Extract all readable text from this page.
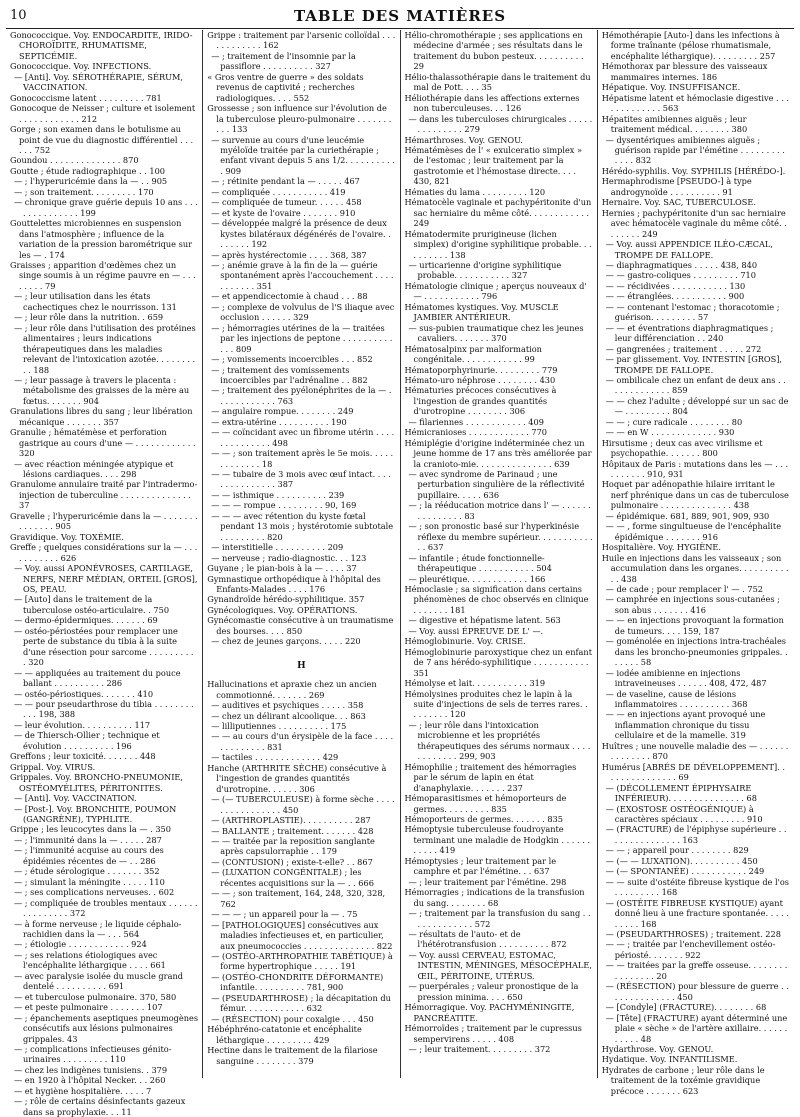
10	TABLE DES MATIÈRES

Gonococcique. Voy. ENDOCARDITE, IRIDO-CHOROÏDITE, RHUMATISME, SEPTICÉMIE.

Gonococcique. Voy. INFECTIONS.

— [Anti]. Voy. SÉROTHÉRAPIE, SÉRUM, VACCINATION.

Gonococcisme latent . . . . . . . . . 781

Gonocoque de Neisser ; culture et isolement . . . . . . . . . . . . 212

Gorge ; son examen dans le botulisme au point de vue du diagnostic différentiel . . . . . . 752

Goundou . . . . . . . . . . . . . . 870

Goutte ; étude radiographique . . 100

— ; l'hyperuricémie dans la — . . 905

— ; son traitement. . . . . . . . . 170

— chronique grave guérie depuis 10 ans . . . . . . . . . . . . . . 199

Gouttelettes microbiennes en suspension dans l'atmosphère ; influence de la variation de la pression barométrique sur les — . 174

Graisses ; apparition d'œdèmes chez un singe soumis à un régime pauvre en — . . . . . . . . 79

— ; leur utilisation dans les états cachectiques chez le nourrisson. 131

— ; leur rôle dans la nutrition. . 659

— ; leur rôle dans l'utilisation des protéines alimentaires ; leurs indications thérapeutiques dans les maladies relevant de l'intoxication azotée. . . . . . . . . . 188

— ; leur passage à travers le placenta : métabolisme des graisses de la mère au fœtus. . . . . . . 904

Granulations libres du sang ; leur libération mécanique . . . . . . . 357

Granulie ; hématémèse et perforation gastrique au cours d'une — . . . . . . . . . . . . 320

— avec réaction méningée atypique et lésions cardiaques. . . . 298

Granulome annulaire traité par l'intradermo-injection de tuberculine . . . . . . . . . . . . . . 37

Gravelle ; l'hyperuricémie dans la — . . . . . . . . . . . . . . 905

Gravidique. Voy. TOXÉMIE.

Greffe ; quelques considérations sur la — . . . . . . . . . . . 626

— Voy. aussi APONÉVROSES, CARTILAGE, NERFS, NERF MÉDIAN, ORTEIL [GROS], OS, PEAU.

— [Auto] dans le traitement de la tuberculose ostéo-articulaire. . 750

— dermo-épidermiques. . . . . . . 69

— ostéo-périostées pour remplacer une perte de substance du tibia à la suite d'une résection pour sarcome . . . . . . . . . . 320

— — appliquées au traitement du pouce ballant . . . . . . . . . . 286

— ostéo-périostiques. . . . . . . 410

— — pour pseudarthrose du tibia . . . . . . . . . . . 198, 388

— leur évolution. . . . . . . . . . 117

— de Thiersch-Ollier ; technique et évolution . . . . . . . . . . 196

Greffons ; leur toxicité. . . . . . . 448

Grippal. Voy. VIRUS.

Grippales. Voy. BRONCHO-PNEUMONIE, OSTÉOMYÉLITES, PÉRITONITES.

— [Anti]. Voy. VACCINATION.

— [Post-]. Voy. BRONCHITE, POUMON (GANGRÈNE), TYPHLITE.

Grippe ; les leucocytes dans la — . 350

— ; l'immunité dans la — . . . . . 287

— ; l'immunité acquise au cours des épidémies récentes de — . . 286

— ; étude sérologique . . . . . . . 352

— ; simulant la méningite . . . . . 110

— ; ses complications nerveuses. . 602

— ; compliquée de troubles mentaux . . . . . . . . . . . . . . . 372

— à forme nerveuse ; le liquide céphalo-rachidien dans la — . . . 564

— ; étiologie . . . . . . . . . . . . 924

— ; ses relations étiologiques avec l'encéphalite léthargique . . . . 661

— avec paralysie isolée du muscle grand dentelé . . . . . . . . . . 691

— et tuberculose pulmonaire. 370, 580

— et peste pulmonaire . . . . . . . 107

— ; épanchements aseptiques pneumogènes consécutifs aux lésions pulmonaires grippales. 43

— ; complications infectieuses génito-urinaires . . . . . . . . . 110

— chez les indigènes tunisiens. . 379

— en 1920 à l'hôpital Necker. . . 260

— et hygiène hospitalière. . . . . 7

— ; rôle de certains désinfectants gazeux dans sa prophylaxie. . . 11

Grippe : traitement par l'arsenic colloïdal . . . . . . . . . . . . 162

— ; traitement de l'insomnie par la passiflore . . . . . . . . . . 327

« Gros ventre de guerre » des soldats revenus de captivité ; recherches radiologiques. . . . 552

Grossesse ; son influence sur l'évolution de la tuberculose pleuro-pulmonaire . . . . . . . . . . 133

— survenue au cours d'une leucémie myéloïde traitée par la curiethérapie ; enfant vivant depuis 5 ans 1/2. . . . . . . . . . . 909

— ; rétinite pendant la — . . . . . 467

— compliquée . . . . . . . . . . . 419

— compliquée de tumeur. . . . . . 458

— et kyste de l'ovaire . . . . . . . 910

— développée malgré la présence de deux kystes bilatéraux dégénérés de l'ovaire. . . . . . . . 192

— après hystérectomie . . . . 368, 387

— ; anémie grave à la fin de la — guérie spontanément après l'accouchement . . . . . . . . . . . 351

— et appendicectomie à chaud . . . 88

— ; complexe de volvulus de l'S iliaque avec occlusion . . . . . . 329

— ; hémorragies utérines de la — traitées par les injections de peptone . . . . . . . . . . . . . 809

— ; vomissements incoercibles . . . 852

— ; traitement des vomissements incoercibles par l'adrénaline . . 882

— ; traitement des pyélonéphrites de la — . . . . . . . . . . . . 763

— angulaire rompue. . . . . . . . 249

— extra-utérine . . . . . . . . . . 190

— — coïncidant avec un fibrome utérin . . . . . . . . . . . . . . 498

— — ; son traitement après le 5e mois. . . . . . . . . . . . . 18

— — tubaire de 3 mois avec œuf intact. . . . . . . . . . . . . . . 387

— — isthmique . . . . . . . . . . 239

— — — rompue . . . . . . . . . 90, 169

— — — avec rétention du kyste fœtal pendant 13 mois ; hystérotomie subtotale . . . . . . . . . 820

— interstitielle . . . . . . . . . . 209

— nerveuse ; radio-diagnostic. . . 123

Guyane ; le pian-bois à la — . . . . 37

Gymnastique orthopédique à l'hôpital des Enfants-Malades . . . . 176

Gynandroïde hérédo-syphilitique. 357

Gynécologiques. Voy. OPÉRATIONS.

Gynécomastie consécutive à un traumatisme des bourses. . . . 850

— chez de jeunes garçons. . . . . 220

H

Hallucinations et apraxie chez un ancien commotionné. . . . . . . 269

— auditives et psychiques . . . . . 358

— chez un délirant alcoolique. . . 863

— lilliputiennes . . . . . . . . . . 175

— — au cours d'un érysipèle de la face . . . . . . . . . . . . . 831

— tactiles . . . . . . . . . . . . . 429

Hanche (ARTHRITE SÈCHE) consécutive à l'ingestion de grandes quantités d'urotropine. . . . . . 306

— (— TUBERCULEUSE) à forme sèche . . . . . . . . . . . . . . . . 450

— (ARTHROPLASTIE). . . . . . . . . . 287

— BALLANTE ; traitement. . . . . . . 428

— — traitée par la reposition sanglante après capsulorraphie . . 179

— (CONTUSION) ; existe-t-elle? . . 867

— (LUXATION CONGÉNITALE) ; les récentes acquisitions sur la — . . 666

— — ; son traitement, 164, 248, 320, 328, 762

— — — ; un appareil pour la — . 75

— [PATHOLOGIQUES] consécutives aux maladies infectieuses et, en particulier, aux pneumococcies . . . . . . . . . . . . . . 822

— (OSTÉO-ARTHROPATHIE TABÉTIQUE) à forme hypertrophique . . . . . 191

— (OSTÉO-CHONDRITE DÉFORMANTE) infantile. . . . . . . . . . 781, 900

— (PSEUDARTHROSE) ; la décapitation du fémur. . . . . . . . . . . . 632

— (RÉSECTION) pour coxalgie . . . 450

Hébéphréno-catatonie et encéphalite léthargique . . . . . . . . . 429

Hectine dans le traitement de la filariose sanguine . . . . . . . . 379

Hélio-chromothérapie ; ses applications en médecine d'armée ; ses résultats dans le traitement du bubon pesteux. . . . . . . . . . 29

Hélio-thalassothérapie dans le traitement du mal de Pott. . . . 35

Héliothérapie dans les affections externes non tuberculeuses. . . 126

— dans les tuberculoses chirurgicales . . . . . . . . . . . . . . 279

Hémarthroses. Voy. GENOU.

Hématémèses de l' « exulceratio simplex » de l'estomac ; leur traitement par la gastrotomie et l'hémostase directe. . . . 430, 821

Hématies du lama . . . . . . . . . 120

Hématocèle vaginale et pachypéritonite d'un sac herniaire du même côté. . . . . . . . . . . . 249

Hématodermite prurigineuse (lichen simplex) d'origine syphilitique probable. . . . . . . . . . 138

— urticarienne d'origine syphilitique probable. . . . . . . . . . . 327

Hématologie clinique ; aperçus nouveaux d' — . . . . . . . . . . . 796

Hématomes kystiques. Voy. MUSCLE JAMBIER ANTÉRIEUR.

— sus-pubien traumatique chez les jeunes cavaliers. . . . . . . 370

Hématosalpinx par malformation congénitale. . . . . . . . . . . . 99

Hématoporphyrinurie. . . . . . . . . 779

Hémato-uro néphrose . . . . . . . . 430

Hématuries précoces consécutives à l'ingestion de grandes quantités d'urotropine . . . . . . . . 306

— filariennes . . . . . . . . . . . . 409

Hémicranioses . . . . . . . . . . . . 770

Hémiplégie d'origine indéterminée chez un jeune homme de 17 ans très améliorée par la cranioto-mie. . . . . . . . . . . . . . . 639

— avec syndrome de Parinaud ; une perturbation singulière de la réflectivité pupillaire. . . . . 636

— ; la rééducation motrice dans l' — . . . . . . . . . . . . . . . 83

— ; son pronostic basé sur l'hyperkinésie réflexe du membre supérieur. . . . . . . . . . . . . 637

— infantile ; étude fonctionnelle-thérapeutique . . . . . . . . . . . 504

— pleurétique. . . . . . . . . . . . 166

Hémoclasie ; sa signification dans certains phénomènes de choc observés en clinique . . . . . . . 181

— digestive et hépatisme latent. 563

— Voy. aussi ÉPREUVE DE L' —.

Hémoglobinurie. Voy. CRISE.

Hémoglobinurie paroxystique chez un enfant de 7 ans hérédo-syphilitique . . . . . . . . . . . 351

Hémolyse et lait. . . . . . . . . . . 319

Hémolysines produites chez le lapin à la suite d'injections de sels de terres rares. . . . . . . . . 120

— ; leur rôle dans l'intoxication microbienne et les propriétés thérapeutiques des sérums normaux . . . . . . . . . . . . 299, 903

Hémophilie ; traitement des hémorragies par le sérum de lapin en état d'anaphylaxie. . . . . . . 237

Hémoparasitismes et hémoporteurs de germes. . . . . . . . . 835

Hémoporteurs de germes. . . . . . . 835

Hémoptysie tuberculeuse foudroyante terminant une maladie de Hodgkin . . . . . . . . . . . 419

Hémoptysies ; leur traitement par le camphre et par l'émétine. . . 637

— ; leur traitement par l'émétine. 298

Hémorragies ; indications de la transfusion du sang. . . . . . . . 68

— ; traitement par la transfusion du sang . . . . . . . . . . . . . 572

— résultats de l'auto- et de l'hétérotransfusion . . . . . . . . . . 872

— Voy. aussi CERVEAU, ESTOMAC, INTESTIN, MÉNINGES, MÉSOCÉPHALE, ŒIL, PÉRITOINE, UTÉRUS.

— puerpérales ; valeur pronostique de la pression minima. . . . 650

Hémorragique. Voy. PACHYMÉNINGITE, PANCRÉATITE.

Hémorroïdes ; traitement par le cupressus sempervirens . . . . . 408

— ; leur traitement. . . . . . . . . 372

Hémothérapie [Auto-] dans les infections à forme traînante (pélose rhumatismale, encéphalite léthargique). . . . . . . . . 257

Hémothorax par blessure des vaisseaux mammaires internes. 186

Hépatique. Voy. INSUFFISANCE.

Hépatisme latent et hémoclasie digestive . . . . . . . . . . . . . 563

Hépatites amibiennes aiguës ; leur traitement médical. . . . . . . . 380

— dysentériques amibiennes aiguës ; guérison rapide par l'émétine . . . . . . . . . . . . . 832

Hérédo-syphilis. Voy. SYPHILIS [HÉRÉDO-].

Hermaphrodisme [PSEUDO-] à type androgynoïde . . . . . . . . . . 91

Hernaire. Voy. SAC, TUBERCULOSE.

Hernies ; pachypéritonite d'un sac herniaire avec hématocèle vaginale du même côté. . . . . . . . 249

— Voy. aussi APPENDICE ILÉO-CÆCAL, TROMPE DE FALLOPE.

— diaphragmatiques . . . . . 438, 840

— — gastro-coliques . . . . . . . . . 710

— — récidivées . . . . . . . . . . . 130

— — étranglées. . . . . . . . . . . 900

— — contenant l'estomac ; thoracotomie ; guérison. . . . . . . . . 57

— — et éventrations diaphragmatiques ; leur différenciation . . 240

— gangrenées ; traitement . . . . . 272

— par glissement. Voy. INTESTIN [GROS], TROMPE DE FALLOPE.

— ombilicale chez un enfant de deux ans . . . . . . . . . . . . . 859

— — chez l'adulte ; développé sur un sac de — . . . . . . . . . 804

— — ; cure radicale . . . . . . . . 80

— — en W . . . . . . . . . . . . . 930

Hirsutisme ; deux cas avec virilisme et psychopathie. . . . . . . 800

Hôpitaux de Paris : mutations dans les — . . . . . . . . . . 910, 931

Hoquet par adénopathie hilaire irritant le nerf phrénique dans un cas de tuberculose pulmonaire . . . . . . . . . . . . . . 438

— épidémique. 681, 889, 901, 909, 930

— — , forme singultueuse de l'encéphalite épidémique . . . . . . . 916

Hospitalière. Voy. HYGIÈNE.

Huile en injections dans les vaisseaux ; son accumulation dans les organes. . . . . . . . . . . . 438

— de cade ; pour remplacer l' — . 752

— camphrée en injections sous-cutanées ; son abus . . . . . . . 416

— — en injections provoquant la formation de tumeurs. . . . 159, 187

— goménolée en injections intra-trachéales dans les broncho-pneumonies grippales. . . . . . . 58

— iodée amibienne en injections intraveineuses . . . . . . 408, 472, 487

— de vaseline, cause de lésions inflammatoires . . . . . . . . . . 368

— — en injections ayant provoqué une inflammation chronique du tissu cellulaire et de la mamelle. 319

Huîtres ; une nouvelle maladie des — . . . . . . . . . . . . . . 870

Humérus [ABRÉS DE DÉVELOPPEMENT]. . . . . . . . . . . . . . . 69

— (DÉCOLLEMENT ÉPIPHYSAIRE INFÉRIEUR). . . . . . . . . . . . . . . 68

— (EXOSTOSE OSTÉOGÉNIQUE) à caractères spéciaux . . . . . . . . . 910

— (FRACTURE) de l'épiphyse supérieure . . . . . . . . . . . . . . . 163

— — ; appareil pour . . . . . . . . 829

— (— — LUXATION). . . . . . . . . . 450

— (— SPONTANÉE) . . . . . . . . . . . 249

— — suite d'ostéite fibreuse kystique de l'os . . . . . . . . . 168

— (OSTÉITE FIBREUSE KYSTIQUE) ayant donné lieu à une fracture spontanée. . . . . . . . . . 168

— (PSEUDARTHROSES) ; traitement. 228

— — ; traitée par l'enchevillement ostéo-périosté. . . . . . . 922

— — traitées par la greffe osseuse. . . . . . . . . . . . . . . . 20

— (RÉSECTION) pour blessure de guerre . . . . . . . . . . . . . . 450

— [Condyle] (FRACTURE). . . . . . . . 68

— [Tête] (FRACTURE) ayant déterminé une plaie « sèche » de l'artère axillaire. . . . . . . . . . . 48

Hydarthrose. Voy. GENOU.

Hydatique. Voy. INFANTILISME.

Hydrates de carbone ; leur rôle dans le traitement de la toxémie gravidique précoce . . . . . . . 623
